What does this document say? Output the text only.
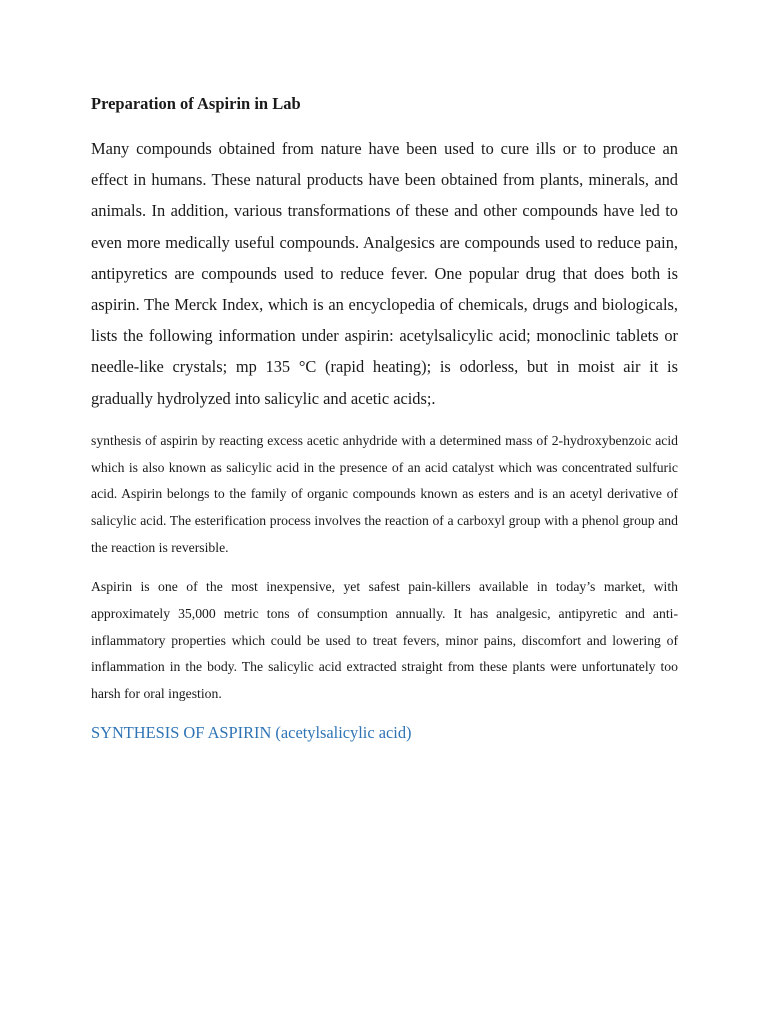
Preparation of Aspirin in Lab

Many compounds obtained from nature have been used to cure ills or to produce an effect in humans. These natural products have been obtained from plants, minerals, and animals. In addition, various transformations of these and other compounds have led to even more medically useful compounds. Analgesics are compounds used to reduce pain, antipyretics are compounds used to reduce fever. One popular drug that does both is aspirin. The Merck Index, which is an encyclopedia of chemicals, drugs and biologicals, lists the following information under aspirin: acetylsalicylic acid; monoclinic tablets or needle-like crystals; mp 135 °C (rapid heating); is odorless, but in moist air it is gradually hydrolyzed into salicylic and acetic acids;.

synthesis of aspirin by reacting excess acetic anhydride with a determined mass of 2-hydroxybenzoic acid which is also known as salicylic acid in the presence of an acid catalyst which was concentrated sulfuric acid. Aspirin belongs to the family of organic compounds known as esters and is an acetyl derivative of salicylic acid. The esterification process involves the reaction of a carboxyl group with a phenol group and the reaction is reversible.

Aspirin is one of the most inexpensive, yet safest pain-killers available in today’s market, with approximately 35,000 metric tons of consumption annually. It has analgesic, antipyretic and anti-inflammatory properties which could be used to treat fevers, minor pains, discomfort and lowering of inflammation in the body. The salicylic acid extracted straight from these plants were unfortunately too harsh for oral ingestion.

SYNTHESIS OF ASPIRIN (acetylsalicylic acid)
